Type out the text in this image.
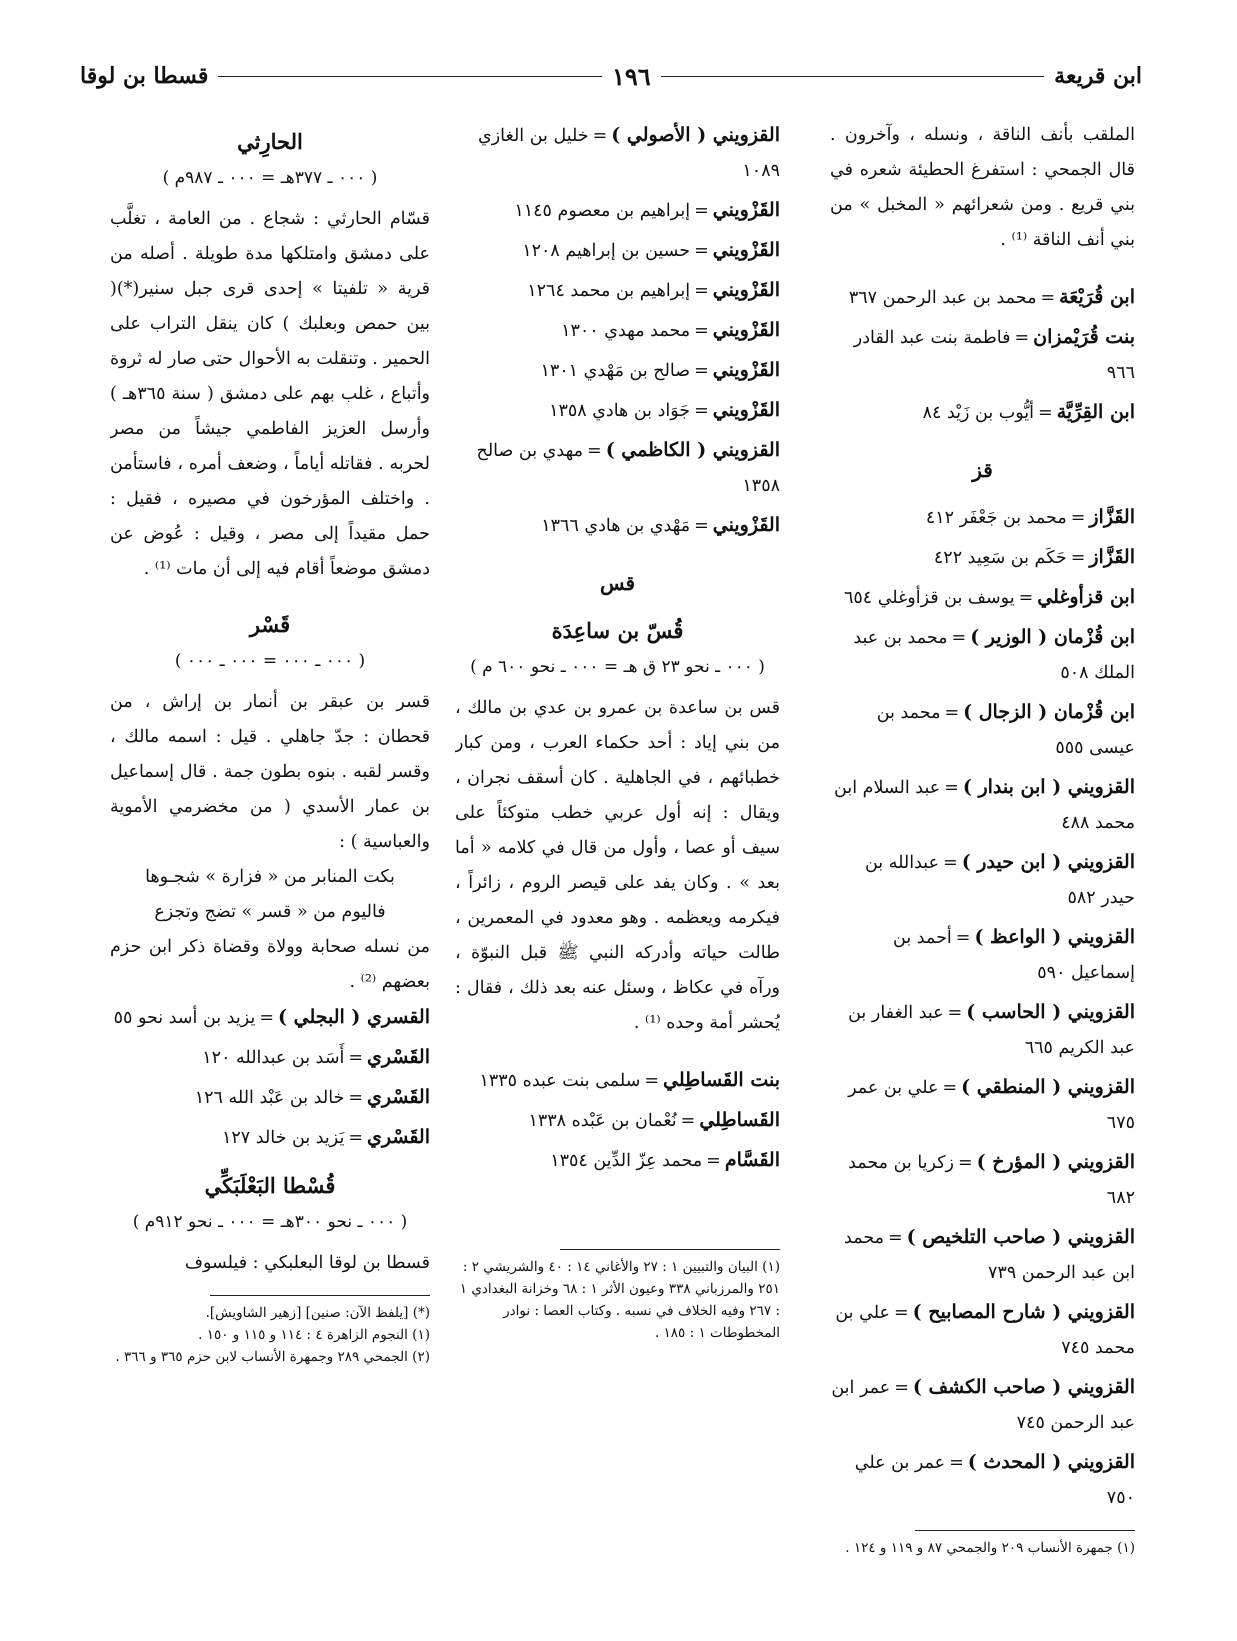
ابن قريعة
١٩٦
قسطا بن لوقا

الملقب بأنف الناقة ، ونسله ، وآخرون . قال الجمحي : استفرغ الحطيئة شعره في بني قريع . ومن شعرائهم « المخبل » من بني أنف الناقة ⁽¹⁾ .

ابن قُرَيْعَة=محمد بن عبد الرحمن ٣٦٧

بنت قُرَيْمزان=فاطمة بنت عبد القادر ٩٦٦

ابن القِرِّيَّة=أيُّوب بن زَيْد ٨٤

قز

القَزَّاز=محمد بن جَعْفَر ٤١٢

القَزَّاز=حَكَم بن سَعِيد ٤٢٢

ابن قزأوغلي=يوسف بن قزأوغلي ٦٥٤

ابن قُزْمان ( الوزير )=محمد بن عبد الملك ٥٠٨

ابن قُزْمان ( الزجال )=محمد بن عيسى ٥٥٥

القزويني ( ابن بندار )=عبد السلام ابن محمد ٤٨٨

القزويني ( ابن حيدر )=عبدالله بن حيدر ٥٨٢

القزويني ( الواعظ )=أحمد بن إسماعيل ٥٩٠

القزويني ( الحاسب )=عبد الغفار بن عبد الكريم ٦٦٥

القزويني ( المنطقي )=علي بن عمر ٦٧٥

القزويني ( المؤرخ )=زكريا بن محمد ٦٨٢

القزويني ( صاحب التلخيص )=محمد ابن عبد الرحمن ٧٣٩

القزويني ( شارح المصابيح )=علي بن محمد ٧٤٥

القزويني ( صاحب الكشف )=عمر ابن عبد الرحمن ٧٤٥

القزويني ( المحدث )=عمر بن علي ٧٥٠

(١) جمهرة الأنساب ٢٠٩ والجمحي ٨٧ و ١١٩ و ١٢٤ .

القزويني ( الأصولي )=خليل بن الغازي ١٠٨٩

القَزْويني=إبراهيم بن معصوم ١١٤٥

القَزْويني=حسين بن إبراهيم ١٢٠٨

القَزْويني=إبراهيم بن محمد ١٢٦٤

القَزْويني=محمد مهدي ١٣٠٠

القَزْويني=صالح بن مَهْدي ١٣٠١

القَزْويني=جَوَاد بن هادي ١٣٥٨

القزويني ( الكاظمي )=مهدي بن صالح ١٣٥٨

القَزْويني=مَهْدي بن هادي ١٣٦٦

قس
قُسّ بن ساعِدَة
( ٠٠٠ ـ نحو ٢٣ ق هـ = ٠٠٠ ـ نحو ٦٠٠ م )

قس بن ساعدة بن عمرو بن عدي بن مالك ، من بني إياد : أحد حكماء العرب ، ومن كبار خطبائهم ، في الجاهلية . كان أسقف نجران ، ويقال : إنه أول عربي خطب متوكئاً على سيف أو عصا ، وأول من قال في كلامه « أما بعد » . وكان يفد على قيصر الروم ، زائراً ، فيكرمه ويعظمه . وهو معدود في المعمرين ، طالت حياته وأدركه النبي ﷺ قبل النبوّة ، ورآه في عكاظ ، وسئل عنه بعد ذلك ، فقال : يُحشر أمة وحده ⁽¹⁾ .

بنت القَساطِلي=سلمى بنت عبده ١٣٣٥

القَساطِلي=نُعْمان بن عَبْده ١٣٣٨

القَسَّام=محمد عِزّ الدِّين ١٣٥٤

(١) البيان والتبيين ١ : ٢٧ والأغاني ١٤ : ٤٠ والشريشي ٢ : ٢٥١ والمرزباني ٣٣٨ وعيون الأثر ١ : ٦٨ وخزانة البغدادي ١ : ٢٦٧ وفيه الخلاف في نسبه . وكتاب العصا : نوادر المخطوطات ١ : ١٨٥ .

الحارِثي
( ٠٠٠ ـ ٣٧٧هـ = ٠٠٠ ـ ٩٨٧م )

قسّام الحارثي : شجاع . من العامة ، تغلَّب على دمشق وامتلكها مدة طويلة . أصله من قرية « تلفيتا » إحدى قرى جبل سنير(*)( بين حمص وبعلبك ) كان ينقل التراب على الحمير . وتنقلت به الأحوال حتى صار له ثروة وأتباع ، غلب بهم على دمشق ( سنة ٣٦٥هـ ) وأرسل العزيز الفاطمي جيشاً من مصر لحربه . فقاتله أياماً ، وضعف أمره ، فاستأمن . واختلف المؤرخون في مصيره ، فقيل : حمل مقيداً إلى مصر ، وقيل : عُوض عن دمشق موضعاً أقام فيه إلى أن مات ⁽¹⁾ .

قَسْر
( ٠٠٠ ـ ٠٠٠ = ٠٠٠ ـ ٠٠٠ )

قسر بن عبقر بن أنمار بن إراش ، من قحطان : جدّ جاهلي . قيل : اسمه مالك ، وقسر لقبه . بنوه بطون جمة . قال إسماعيل بن عمار الأسدي ( من مخضرمي الأموية والعباسية ) :

بكت المنابر من « فزارة » شجـوها

فاليوم من « قسر » تضج وتجزع

من نسله صحابة وولاة وقضاة ذكر ابن حزم بعضهم ⁽²⁾ .

القسري ( البجلي )=يزيد بن أسد نحو ٥٥

القَسْري=أَسَد بن عبدالله ١٢٠

القَسْري=خالد بن عَبْد الله ١٢٦

القَسْري=يَزيد بن خالد ١٢٧

قُسْطا البَعْلَبَكِّي
( ٠٠٠ ـ نحو ٣٠٠هـ = ٠٠٠ ـ نحو ٩١٢م )

قسطا بن لوقا البعلبكي : فيلسوف

(*) [يلفظ الآن: صنين] [زهير الشاويش].

(١) النجوم الزاهرة ٤ : ١١٤ و ١١٥ و ١٥٠ .

(٢) الجمحي ٢٨٩ وجمهرة الأنساب لابن حزم ٣٦٥ و ٣٦٦ .
